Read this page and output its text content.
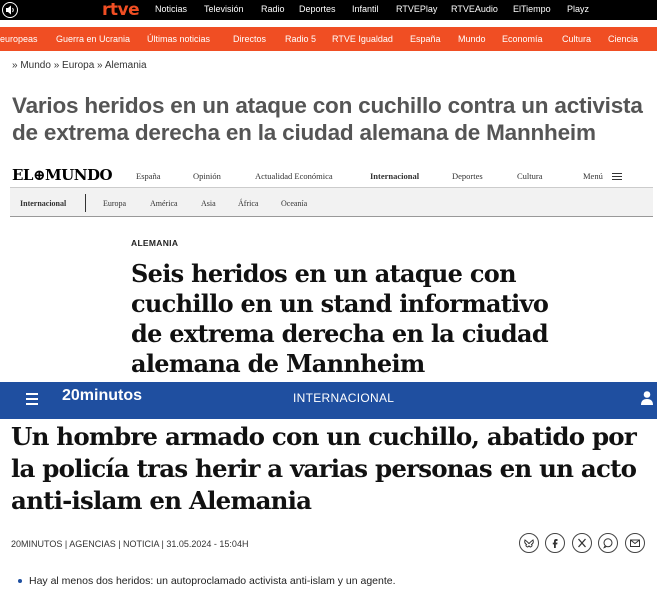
rtve Noticias Televisión Radio Deportes Infantil RTVEPlay RTVEAudio ElTiempo Playz
europeas Guerra en Ucrania Últimas noticias	Directos Radio 5 RTVE Igualdad España Mundo Economía Cultura Ciencia
» Mundo » Europa » Alemania
Varios heridos en un ataque con cuchillo contra un activista de extrema derecha en la ciudad alemana de Mannheim
EL⊕MUNDO	España	Opinión	Actualidad Económica	Internacional	Deportes	Cultura	Menú
Internacional	Europa	América	Asia	África	Oceanía
ALEMANIA
Seis heridos en un ataque con cuchillo en un stand informativo de extrema derecha en la ciudad alemana de Mannheim
20minutos	INTERNACIONAL
Un hombre armado con un cuchillo, abatido por la policía tras herir a varias personas en un acto anti-islam en Alemania
20MINUTOS | AGENCIAS | NOTICIA | 31.05.2024 - 15:04H
Hay al menos dos heridos: un autoproclamado activista anti-islam y un agente.
